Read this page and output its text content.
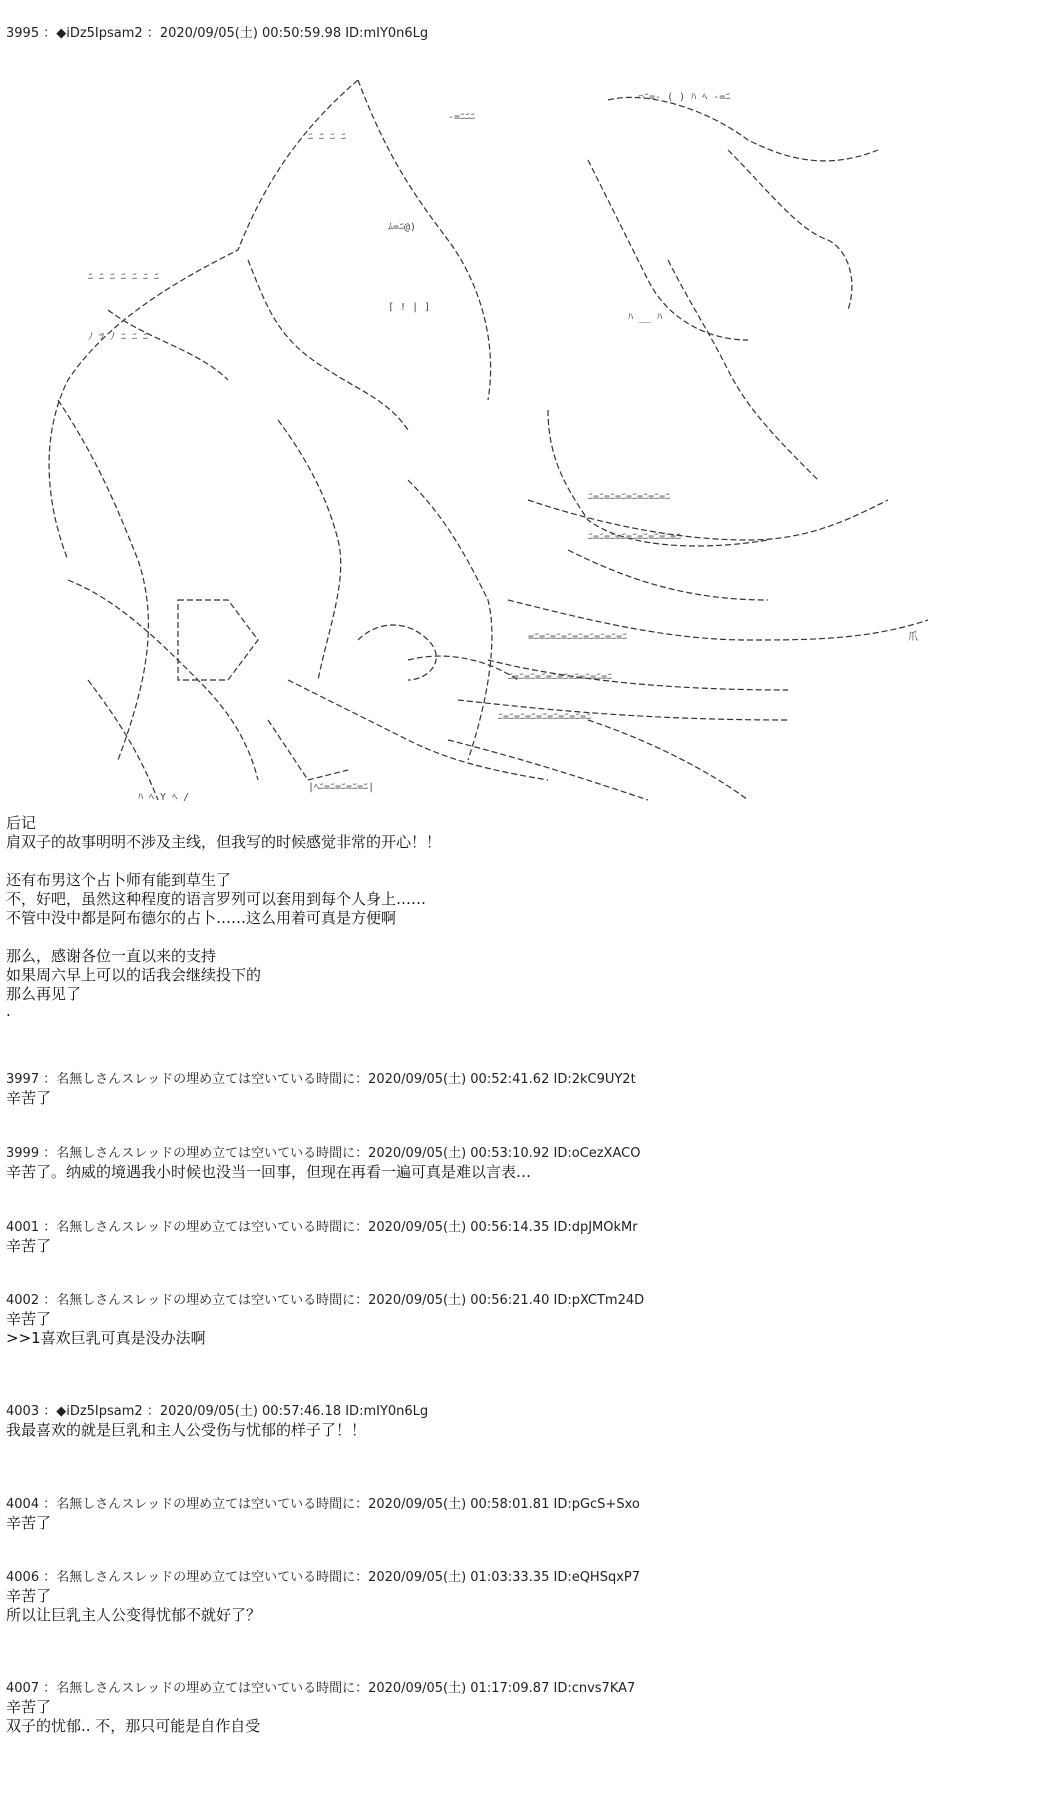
3995 ：◆iDz5Ipsam2 ：2020/09/05(土) 00:50:59.98 ID:mIY0n6Lg
ﾆ ﾆ ﾆ ﾆ
-=ﾆﾆﾆ
⌒ﾆ=- ( ) ﾊ ﾍ -=ﾆ
ﾑ=ﾆ@)
[ ! | ]
ﾆ ﾆ ﾆ ﾆ ﾆ ﾆ ﾆ
ﾉ ﾂ ﾉ ﾆ ﾆ ﾆ
ﾊ __ ﾊ
ﾆ=ﾆ=ﾆ=ﾆ=ﾆ=ﾆ=ﾆ=ﾆ
ﾆ=ﾆ=ﾆ=ﾆ=ﾆ=ﾆ=ﾆ=ﾆ=ﾆ
=ﾆ=ﾆ=ﾆ=ﾆ=ﾆ=ﾆ=ﾆ=ﾆ=ﾆ
ﾆ=ﾆ=ﾆ=ﾆ=ﾆ=ﾆ=ﾆ=ﾆ=ﾆ=ﾆ
ﾆ=ﾆ=ﾆ=ﾆ=ﾆ=ﾆ=ﾆ=ﾆ=ﾆ
ﾊ ﾍ Y ﾍ /
|ﾍﾆ=ﾆ=ﾆ=ﾆ=ﾆ|
爪
后记
肩双子的故事明明不涉及主线，但我写的时候感觉非常的开心！！
还有布男这个占卜师有能到草生了
不，好吧，虽然这种程度的语言罗列可以套用到每个人身上……
不管中没中都是阿布德尔的占卜……这么用着可真是方便啊
那么，感谢各位一直以来的支持
如果周六早上可以的话我会继续投下的
那么再见了
.
3997 ：名無しさんスレッドの埋め立ては空いている時間に：2020/09/05(土) 00:52:41.62 ID:2kC9UY2t
辛苦了
3999 ：名無しさんスレッドの埋め立ては空いている時間に：2020/09/05(土) 00:53:10.92 ID:oCezXACO
辛苦了。纳威的境遇我小时候也没当一回事，但现在再看一遍可真是难以言表…
4001 ：名無しさんスレッドの埋め立ては空いている時間に：2020/09/05(土) 00:56:14.35 ID:dpJMOkMr
辛苦了
4002 ：名無しさんスレッドの埋め立ては空いている時間に：2020/09/05(土) 00:56:21.40 ID:pXCTm24D
辛苦了
>>1喜欢巨乳可真是没办法啊
4003 ：◆iDz5Ipsam2 ：2020/09/05(土) 00:57:46.18 ID:mIY0n6Lg
我最喜欢的就是巨乳和主人公受伤与忧郁的样子了！！
4004 ：名無しさんスレッドの埋め立ては空いている時間に：2020/09/05(土) 00:58:01.81 ID:pGcS+Sxo
辛苦了
4006 ：名無しさんスレッドの埋め立ては空いている時間に：2020/09/05(土) 01:03:33.35 ID:eQHSqxP7
辛苦了
所以让巨乳主人公变得忧郁不就好了？
4007 ：名無しさんスレッドの埋め立ては空いている時間に：2020/09/05(土) 01:17:09.87 ID:cnvs7KA7
辛苦了
双子的忧郁.. 不，那只可能是自作自受
